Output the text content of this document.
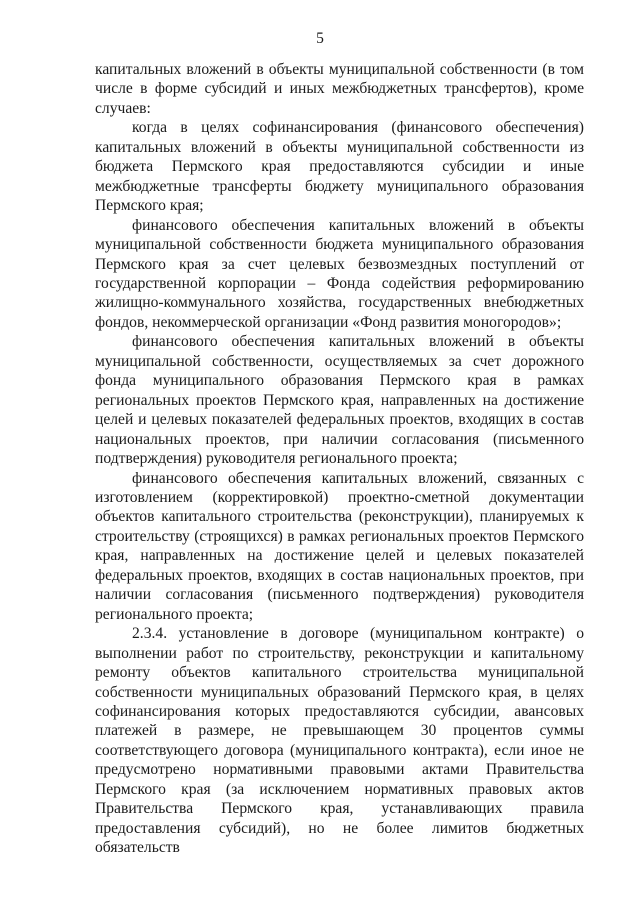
5

капитальных вложений в объекты муниципальной собственности (в том числе в форме субсидий и иных межбюджетных трансфертов), кроме случаев:

когда в целях софинансирования (финансового обеспечения) капитальных вложений в объекты муниципальной собственности из бюджета Пермского края предоставляются субсидии и иные межбюджетные трансферты бюджету муниципального образования Пермского края;

финансового обеспечения капитальных вложений в объекты муниципальной собственности бюджета муниципального образования Пермского края за счет целевых безвозмездных поступлений от государственной корпорации – Фонда содействия реформированию жилищно-коммунального хозяйства, государственных внебюджетных фондов, некоммерческой организации «Фонд развития моногородов»;

финансового обеспечения капитальных вложений в объекты муниципальной собственности, осуществляемых за счет дорожного фонда муниципального образования Пермского края в рамках региональных проектов Пермского края, направленных на достижение целей и целевых показателей федеральных проектов, входящих в состав национальных проектов, при наличии согласования (письменного подтверждения) руководителя регионального проекта;

финансового обеспечения капитальных вложений, связанных с изготовлением (корректировкой) проектно-сметной документации объектов капитального строительства (реконструкции), планируемых к строительству (строящихся) в рамках региональных проектов Пермского края, направленных на достижение целей и целевых показателей федеральных проектов, входящих в состав национальных проектов, при наличии согласования (письменного подтверждения) руководителя регионального проекта;

2.3.4. установление в договоре (муниципальном контракте) о выполнении работ по строительству, реконструкции и капитальному ремонту объектов капитального строительства муниципальной собственности муниципальных образований Пермского края, в целях софинансирования которых предоставляются субсидии, авансовых платежей в размере, не превышающем 30 процентов суммы соответствующего договора (муниципального контракта), если иное не предусмотрено нормативными правовыми актами Правительства Пермского края (за исключением нормативных правовых актов Правительства Пермского края, устанавливающих правила предоставления субсидий), но не более лимитов бюджетных обязательств
